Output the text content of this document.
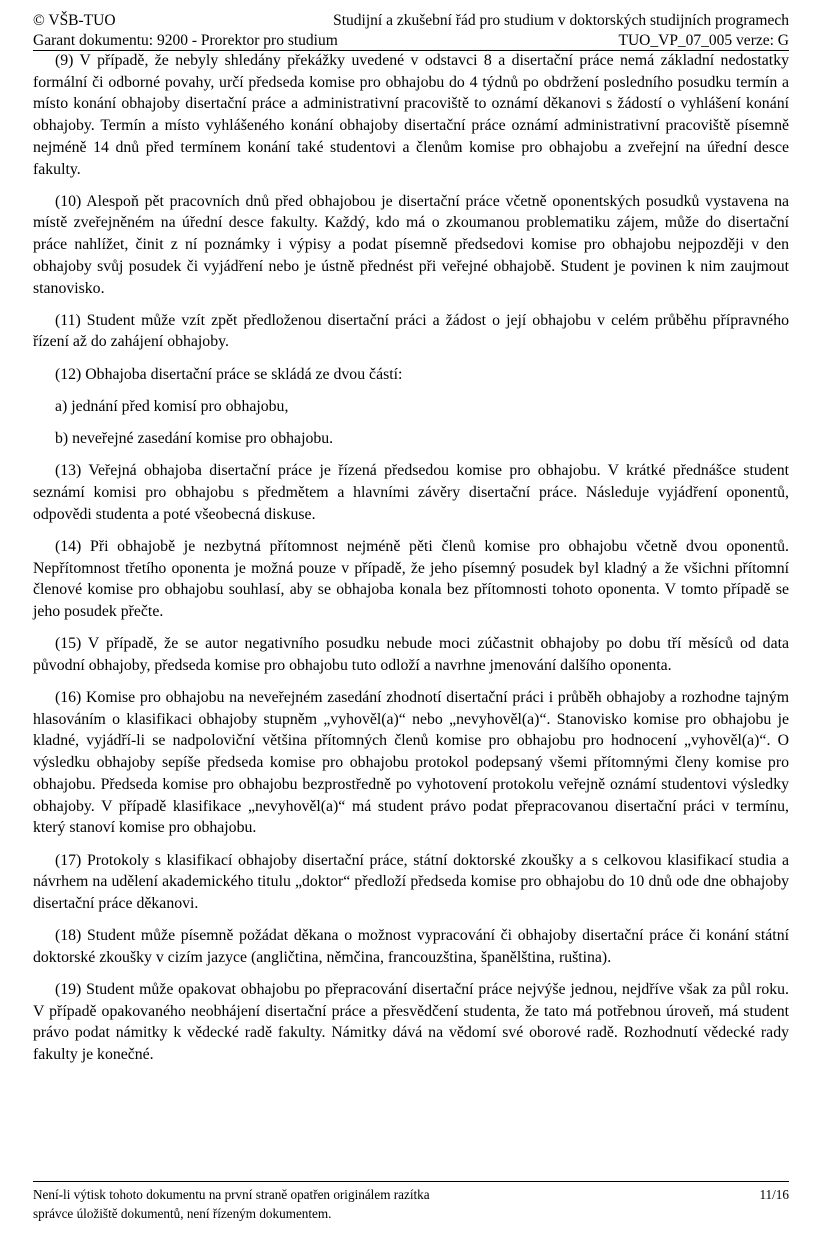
© VŠB-TUO	Studijní a zkušební řád pro studium v doktorských studijních programech
Garant dokumentu: 9200 - Prorektor pro studium	TUO_VP_07_005 verze: G

(9) V případě, že nebyly shledány překážky uvedené v odstavci 8 a disertační práce nemá základní nedostatky formální či odborné povahy, určí předseda komise pro obhajobu do 4 týdnů po obdržení posledního posudku termín a místo konání obhajoby disertační práce a administrativní pracoviště to oznámí děkanovi s žádostí o vyhlášení konání obhajoby. Termín a místo vyhlášeného konání obhajoby disertační práce oznámí administrativní pracoviště písemně nejméně 14 dnů před termínem konání také studentovi a členům komise pro obhajobu a zveřejní na úřední desce fakulty.

(10) Alespoň pět pracovních dnů před obhajobou je disertační práce včetně oponentských posudků vystavena na místě zveřejněném na úřední desce fakulty. Každý, kdo má o zkoumanou problematiku zájem, může do disertační práce nahlížet, činit z ní poznámky i výpisy a podat písemně předsedovi komise pro obhajobu nejpozději v den obhajoby svůj posudek či vyjádření nebo je ústně přednést při veřejné obhajobě. Student je povinen k nim zaujmout stanovisko.

(11) Student může vzít zpět předloženou disertační práci a žádost o její obhajobu v celém průběhu přípravného řízení až do zahájení obhajoby.

(12) Obhajoba disertační práce se skládá ze dvou částí:

a) jednání před komisí pro obhajobu,

b) neveřejné zasedání komise pro obhajobu.

(13) Veřejná obhajoba disertační práce je řízená předsedou komise pro obhajobu. V krátké přednášce student seznámí komisi pro obhajobu s předmětem a hlavními závěry disertační práce. Následuje vyjádření oponentů, odpovědi studenta a poté všeobecná diskuse.

(14) Při obhajobě je nezbytná přítomnost nejméně pěti členů komise pro obhajobu včetně dvou oponentů. Nepřítomnost třetího oponenta je možná pouze v případě, že jeho písemný posudek byl kladný a že všichni přítomní členové komise pro obhajobu souhlasí, aby se obhajoba konala bez přítomnosti tohoto oponenta. V tomto případě se jeho posudek přečte.

(15) V případě, že se autor negativního posudku nebude moci zúčastnit obhajoby po dobu tří měsíců od data původní obhajoby, předseda komise pro obhajobu tuto odloží a navrhne jmenování dalšího oponenta.

(16) Komise pro obhajobu na neveřejném zasedání zhodnotí disertační práci i průběh obhajoby a rozhodne tajným hlasováním o klasifikaci obhajoby stupněm „vyhověl(a)“ nebo „nevyhověl(a)“. Stanovisko komise pro obhajobu je kladné, vyjádří-li se nadpoloviční většina přítomných členů komise pro obhajobu pro hodnocení „vyhověl(a)“. O výsledku obhajoby sepíše předseda komise pro obhajobu protokol podepsaný všemi přítomnými členy komise pro obhajobu. Předseda komise pro obhajobu bezprostředně po vyhotovení protokolu veřejně oznámí studentovi výsledky obhajoby. V případě klasifikace „nevyhověl(a)“ má student právo podat přepracovanou disertační práci v termínu, který stanoví komise pro obhajobu.

(17) Protokoly s klasifikací obhajoby disertační práce, státní doktorské zkoušky a s celkovou klasifikací studia a návrhem na udělení akademického titulu „doktor“ předloží předseda komise pro obhajobu do 10 dnů ode dne obhajoby disertační práce děkanovi.

(18) Student může písemně požádat děkana o možnost vypracování či obhajoby disertační práce či konání státní doktorské zkoušky v cizím jazyce (angličtina, němčina, francouzština, španělština, ruština).

(19) Student může opakovat obhajobu po přepracování disertační práce nejvýše jednou, nejdříve však za půl roku. V případě opakovaného neobhájení disertační práce a přesvědčení studenta, že tato má potřebnou úroveň, má student právo podat námitky k vědecké radě fakulty. Námitky dává na vědomí své oborové radě. Rozhodnutí vědecké rady fakulty je konečné.

Není-li výtisk tohoto dokumentu na první straně opatřen originálem razítka	11/16
správce úložiště dokumentů, není řízeným dokumentem.
